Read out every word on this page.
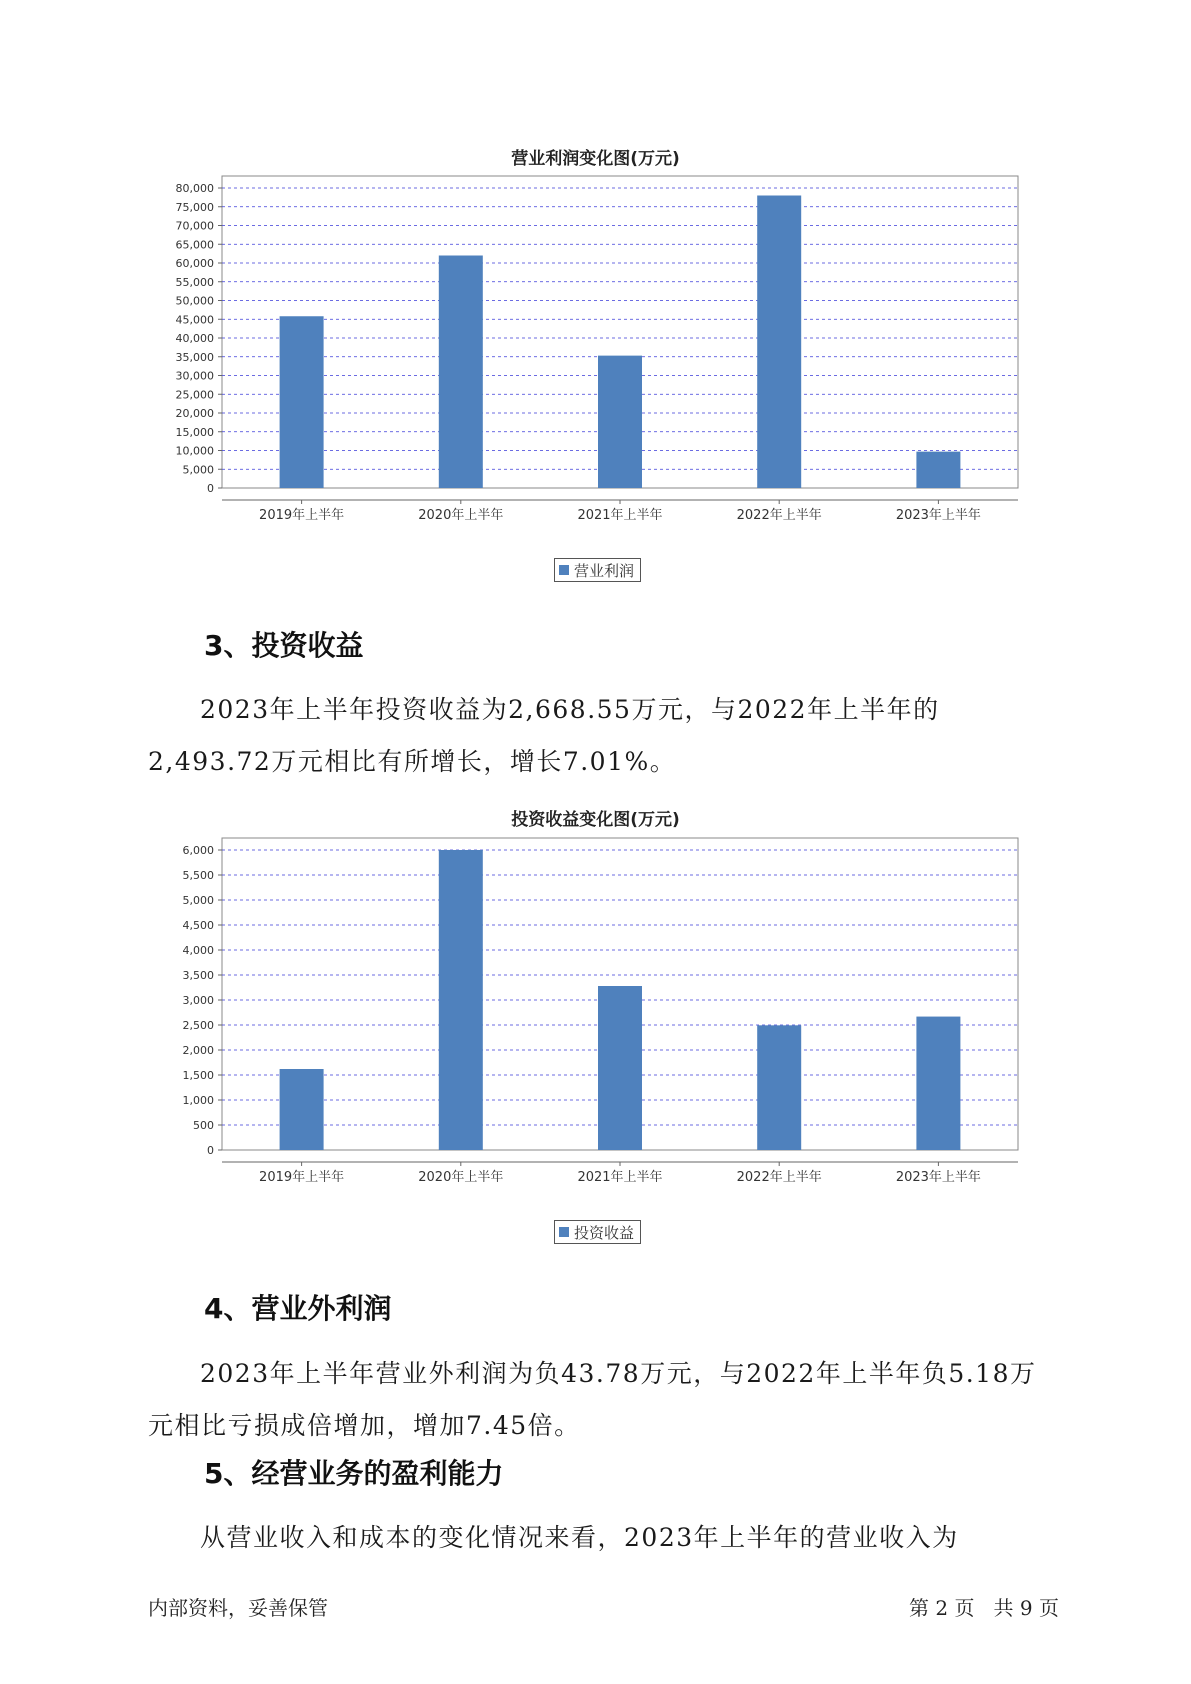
营业利润变化图(万元)
0
5,000
10,000
15,000
20,000
25,000
30,000
35,000
40,000
45,000
50,000
55,000
60,000
65,000
70,000
75,000
80,000
2019年上半年	2020年上半年	2021年上半年	2022年上半年	2023年上半年
营业利润
3、投资收益

2023年上半年投资收益为2,668.55万元，与2022年上半年的2,493.72万元相比有所增长，增长7.01%。

投资收益变化图(万元)
0
500
1,000
1,500
2,000
2,500
3,000
3,500
4,000
4,500
5,000
5,500
6,000
2019年上半年	2020年上半年	2021年上半年	2022年上半年	2023年上半年
投资收益
4、营业外利润

2023年上半年营业外利润为负43.78万元，与2022年上半年负5.18万元相比亏损成倍增加，增加7.45倍。

5、经营业务的盈利能力

从营业收入和成本的变化情况来看，2023年上半年的营业收入为

内部资料，妥善保管	第 2 页   共 9 页
